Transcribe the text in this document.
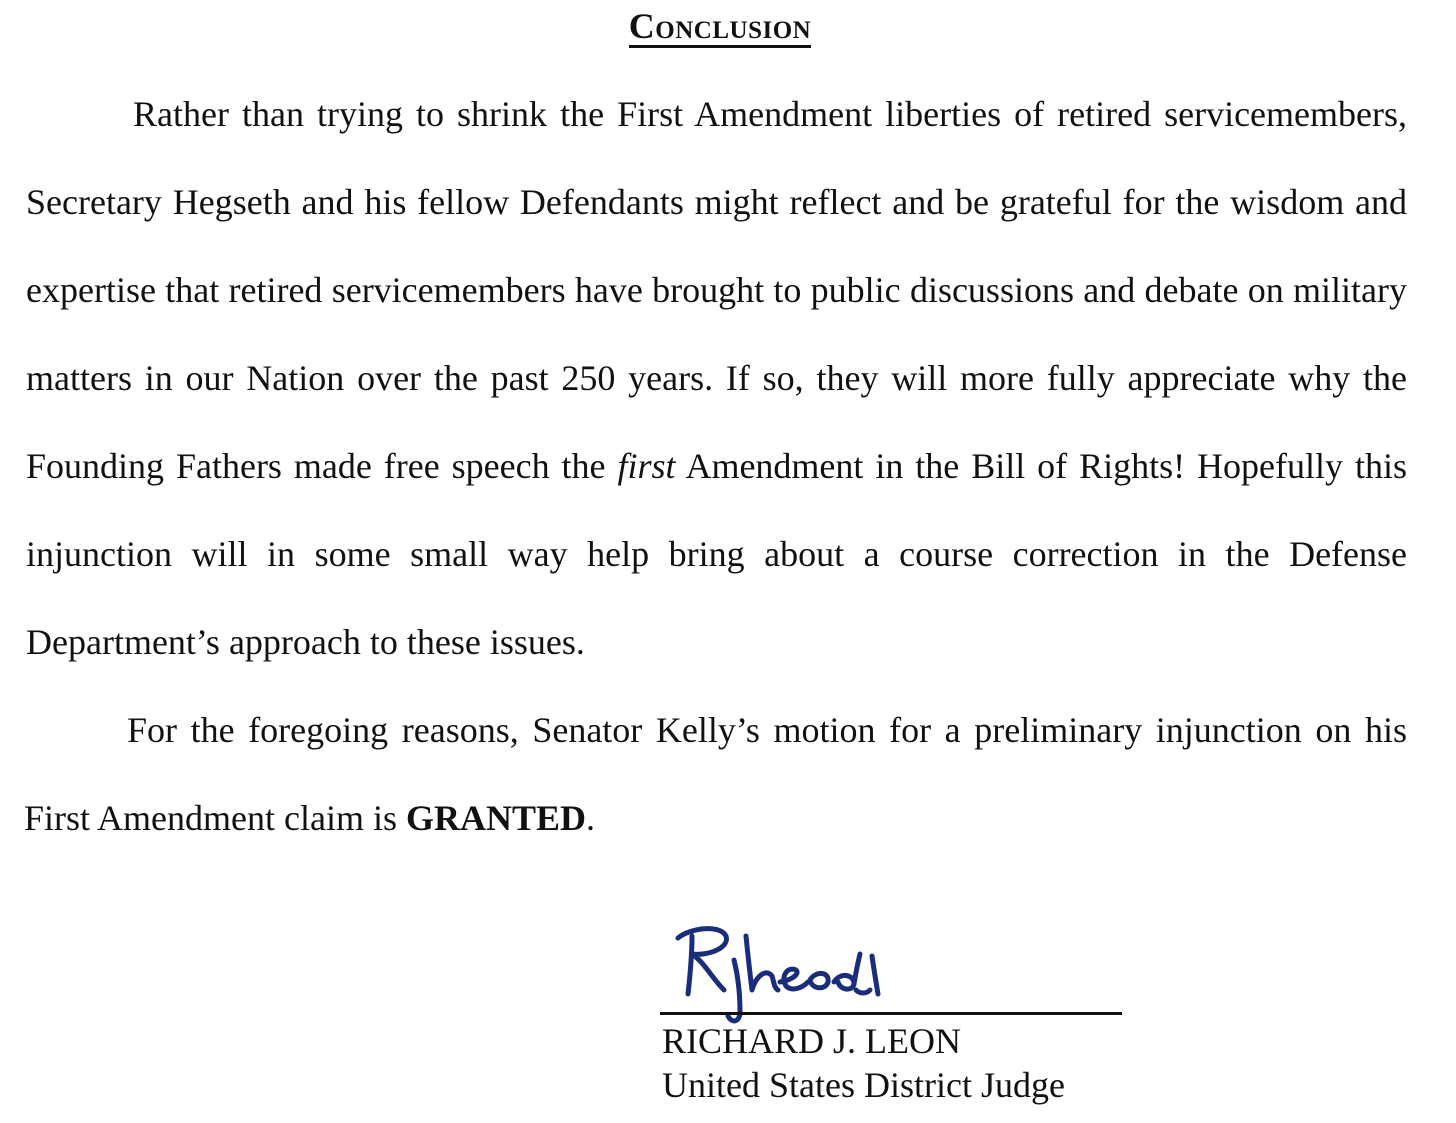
Conclusion

Rather than trying to shrink the First Amendment liberties of retired servicemembers, Secretary Hegseth and his fellow Defendants might reflect and be grateful for the wisdom and expertise that retired servicemembers have brought to public discussions and debate on military matters in our Nation over the past 250 years. If so, they will more fully appreciate why the Founding Fathers made free speech the first Amendment in the Bill of Rights! Hopefully this injunction will in some small way help bring about a course correction in the Defense Department’s approach to these issues.

For the foregoing reasons, Senator Kelly’s motion for a preliminary injunction on his First Amendment claim is GRANTED.

RICHARD J. LEON
United States District Judge
